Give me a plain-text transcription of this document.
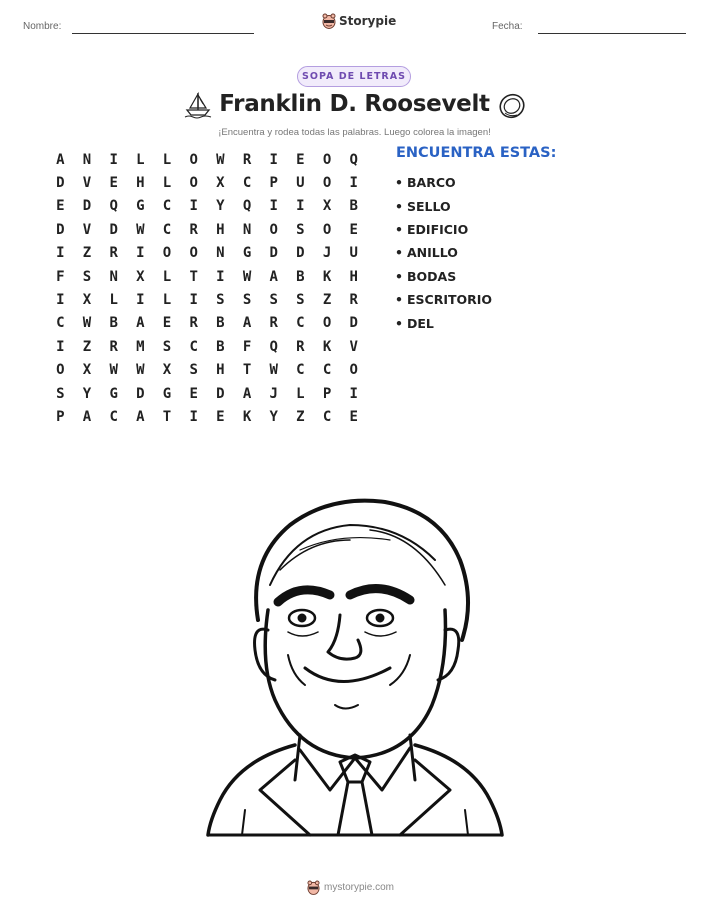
Nombre:	Storypie	Fecha:
SOPA DE LETRAS
Franklin D. Roosevelt
¡Encuentra y rodea todas las palabras. Luego colorea la imagen!
A	N	I	L	L	O	W	R	I	E	O	Q
D	V	E	H	L	O	X	C	P	U	O	I
E	D	Q	G	C	I	Y	Q	I	I	X	B
D	V	D	W	C	R	H	N	O	S	O	E
I	Z	R	I	O	O	N	G	D	D	J	U
F	S	N	X	L	T	I	W	A	B	K	H
I	X	L	I	L	I	S	S	S	S	Z	R
C	W	B	A	E	R	B	A	R	C	O	D
I	Z	R	M	S	C	B	F	Q	R	K	V
O	X	W	W	X	S	H	T	W	C	C	O
S	Y	G	D	G	E	D	A	J	L	P	I
P	A	C	A	T	I	E	K	Y	Z	C	E
ENCUENTRA ESTAS:
• BARCO
• SELLO
• EDIFICIO
• ANILLO
• BODAS
• ESCRITORIO
• DEL
mystorypie.com
